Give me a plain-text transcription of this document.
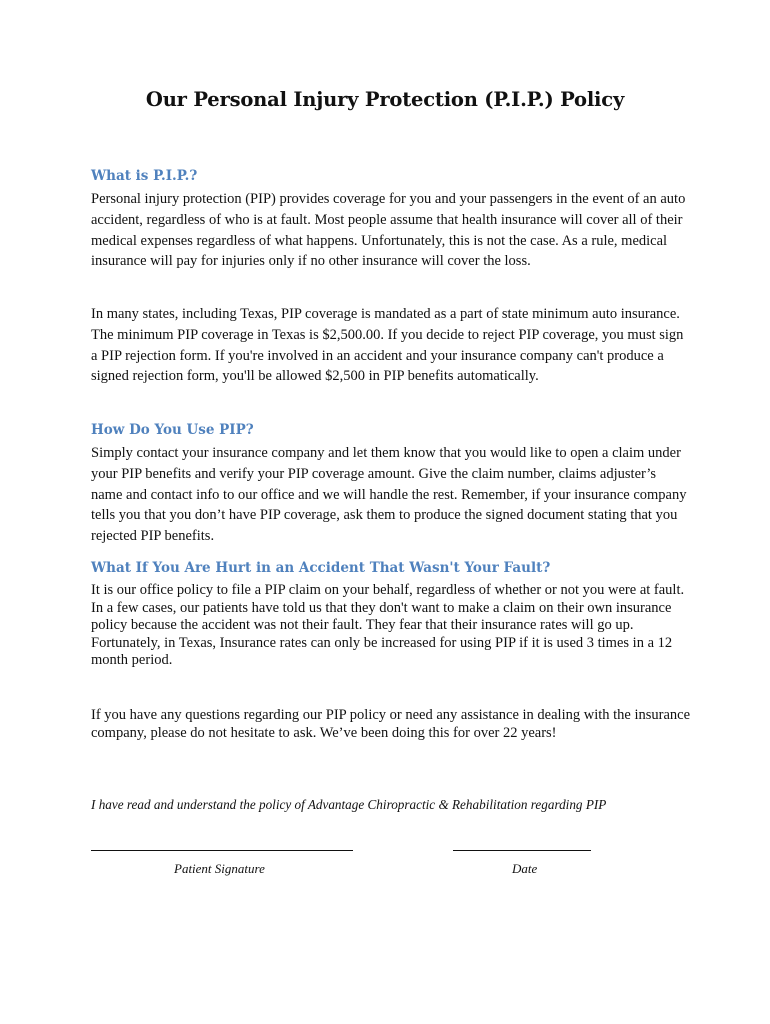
Our Personal Injury Protection (P.I.P.) Policy
What is P.I.P.?

Personal injury protection (PIP) provides coverage for you and your passengers in the event of an auto accident, regardless of who is at fault. Most people assume that health insurance will cover all of their medical expenses regardless of what happens. Unfortunately, this is not the case. As a rule, medical insurance will pay for injuries only if no other insurance will cover the loss.

In many states, including Texas, PIP coverage is mandated as a part of state minimum auto insurance. The minimum PIP coverage in Texas is $2,500.00. If you decide to reject PIP coverage, you must sign a PIP rejection form. If you're involved in an accident and your insurance company can't produce a signed rejection form, you'll be allowed $2,500 in PIP benefits automatically.

How Do You Use PIP?

Simply contact your insurance company and let them know that you would like to open a claim under your PIP benefits and verify your PIP coverage amount. Give the claim number, claims adjuster’s name and contact info to our office and we will handle the rest. Remember, if your insurance company tells you that you don’t have PIP coverage, ask them to produce the signed document stating that you rejected PIP benefits.

What If You Are Hurt in an Accident That Wasn't Your Fault?

It is our office policy to file a PIP claim on your behalf, regardless of whether or not you were at fault. In a few cases, our patients have told us that they don't want to make a claim on their own insurance policy because the accident was not their fault. They fear that their insurance rates will go up. Fortunately, in Texas, Insurance rates can only be increased for using PIP if it is used 3 times in a 12 month period.

If you have any questions regarding our PIP policy or need any assistance in dealing with the insurance company, please do not hesitate to ask. We’ve been doing this for over 22 years!

I have read and understand the policy of Advantage Chiropractic & Rehabilitation regarding PIP

Patient Signature	Date
